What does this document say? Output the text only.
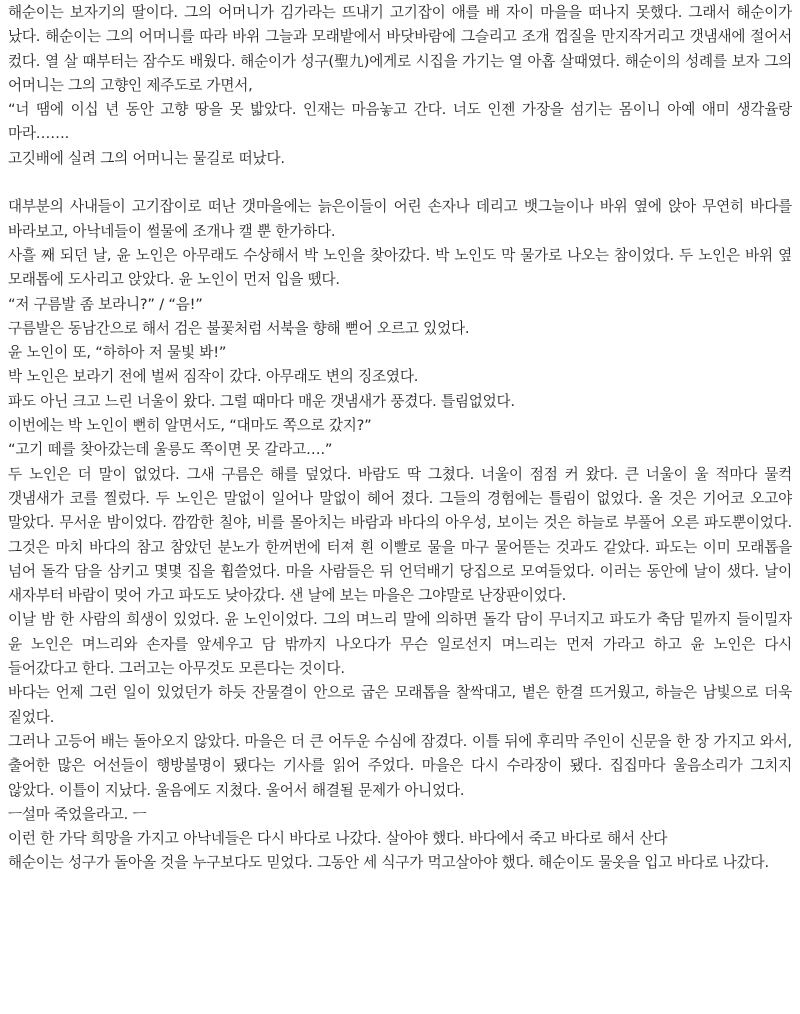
해순이는 보자기의 딸이다. 그의 어머니가 김가라는 뜨내기 고기잡이 애를 배 자이 마을을 떠나지 못했다. 그래서 해순이가 났다. 해순이는 그의 어머니를 따라 바위 그늘과 모래밭에서 바닷바람에 그슬리고 조개 껍질을 만지작거리고 갯냄새에 절어서 컸다. 열 살 때부터는 잠수도 배웠다. 해순이가 성구(聖九)에게로 시집을 가기는 열 아홉 살때였다. 해순이의 성례를 보자 그의 어머니는 그의 고향인 제주도로 가면서,

“너 땜에 이십 년 동안 고향 땅을 못 밟았다. 인재는 마음놓고 간다. 너도 인젠 가장을 섬기는 몸이니 아예 애미 생각율랑 마라…….

고깃배에 실려 그의 어머니는 물길로 떠났다.

대부분의 사내들이 고기잡이로 떠난 갯마을에는 늙은이들이 어린 손자나 데리고 뱃그늘이나 바위 옆에 앉아 무연히 바다를 바라보고, 아낙네들이 썰물에 조개나 캘 뿐 한가하다.

사흘 째 되던 날, 윤 노인은 아무래도 수상해서 박 노인을 찾아갔다. 박 노인도 막 물가로 나오는 참이었다. 두 노인은 바위 옆 모래톱에 도사리고 앉았다. 윤 노인이 먼저 입을 뗐다.

“저 구름발 좀 보라니?” / “음!”

구름발은 동남간으로 해서 검은 불꽃처럼 서북을 향해 뻗어 오르고 있었다.

윤 노인이 또, “하하아 저 물빛 봐!”

박 노인은 보라기 전에 벌써 짐작이 갔다. 아무래도 변의 징조였다.

파도 아닌 크고 느린 너울이 왔다. 그럴 때마다 매운 갯냄새가 풍겼다. 틀림없었다.

이번에는 박 노인이 뻔히 알면서도, “대마도 쪽으로 갔지?”

“고기 떼를 찾아갔는데 울릉도 쪽이면 못 갈라고….”

두 노인은 더 말이 없었다. 그새 구름은 해를 덮었다. 바람도 딱 그쳤다. 너울이 점점 커 왔다. 큰 너울이 울 적마다 물컥 갯냄새가 코를 찔렀다. 두 노인은 말없이 일어나 말없이 헤어 졌다. 그들의 경험에는 틀림이 없었다. 올 것은 기어코 오고야 말았다. 무서운 밤이었다. 깜깜한 칠야, 비를 몰아치는 바람과 바다의 아우성, 보이는 것은 하늘로 부풀어 오른 파도뿐이었다. 그것은 마치 바다의 참고 참았던 분노가 한꺼번에 터져 흰 이빨로 물을 마구 물어뜯는 것과도 같았다. 파도는 이미 모래톱을 넘어 돌각 담을 삼키고 몇몇 집을 휩쓸었다. 마을 사람들은 뒤 언덕배기 당집으로 모여들었다. 이러는 동안에 날이 샜다. 날이 새자부터 바람이 멎어 가고 파도도 낮아갔다. 샌 날에 보는 마을은 그야말로 난장판이었다.

이날 밤 한 사람의 희생이 있었다. 윤 노인이었다. 그의 며느리 말에 의하면 돌각 담이 무너지고 파도가 축담 밑까지 들이밀자 윤 노인은 며느리와 손자를 앞세우고 담 밖까지 나오다가 무슨 일로선지 며느리는 먼저 가라고 하고 윤 노인은 다시 들어갔다고 한다. 그러고는 아무것도 모른다는 것이다.

바다는 언제 그런 일이 있었던가 하듯 잔물결이 안으로 굽은 모래톱을 찰싹대고, 볕은 한결 뜨거웠고, 하늘은 남빛으로 더욱 짙었다.

그러나 고등어 배는 돌아오지 않았다. 마을은 더 큰 어두운 수심에 잠겼다. 이틀 뒤에 후리막 주인이 신문을 한 장 가지고 와서, 출어한 많은 어선들이 행방불명이 됐다는 기사를 읽어 주었다. 마을은 다시 수라장이 됐다. 집집마다 울음소리가 그치지 않았다. 이틀이 지났다. 울음에도 지쳤다. 울어서 해결될 문제가 아니었다.

ㅡ설마 죽었을라고. ㅡ

이런 한 가닥 희망을 가지고 아낙네들은 다시 바다로 나갔다. 살아야 했다. 바다에서 죽고 바다로 해서 산다

해순이는 성구가 돌아올 것을 누구보다도 믿었다. 그동안 세 식구가 먹고살아야 했다. 해순이도 물옷을 입고 바다로 나갔다.
